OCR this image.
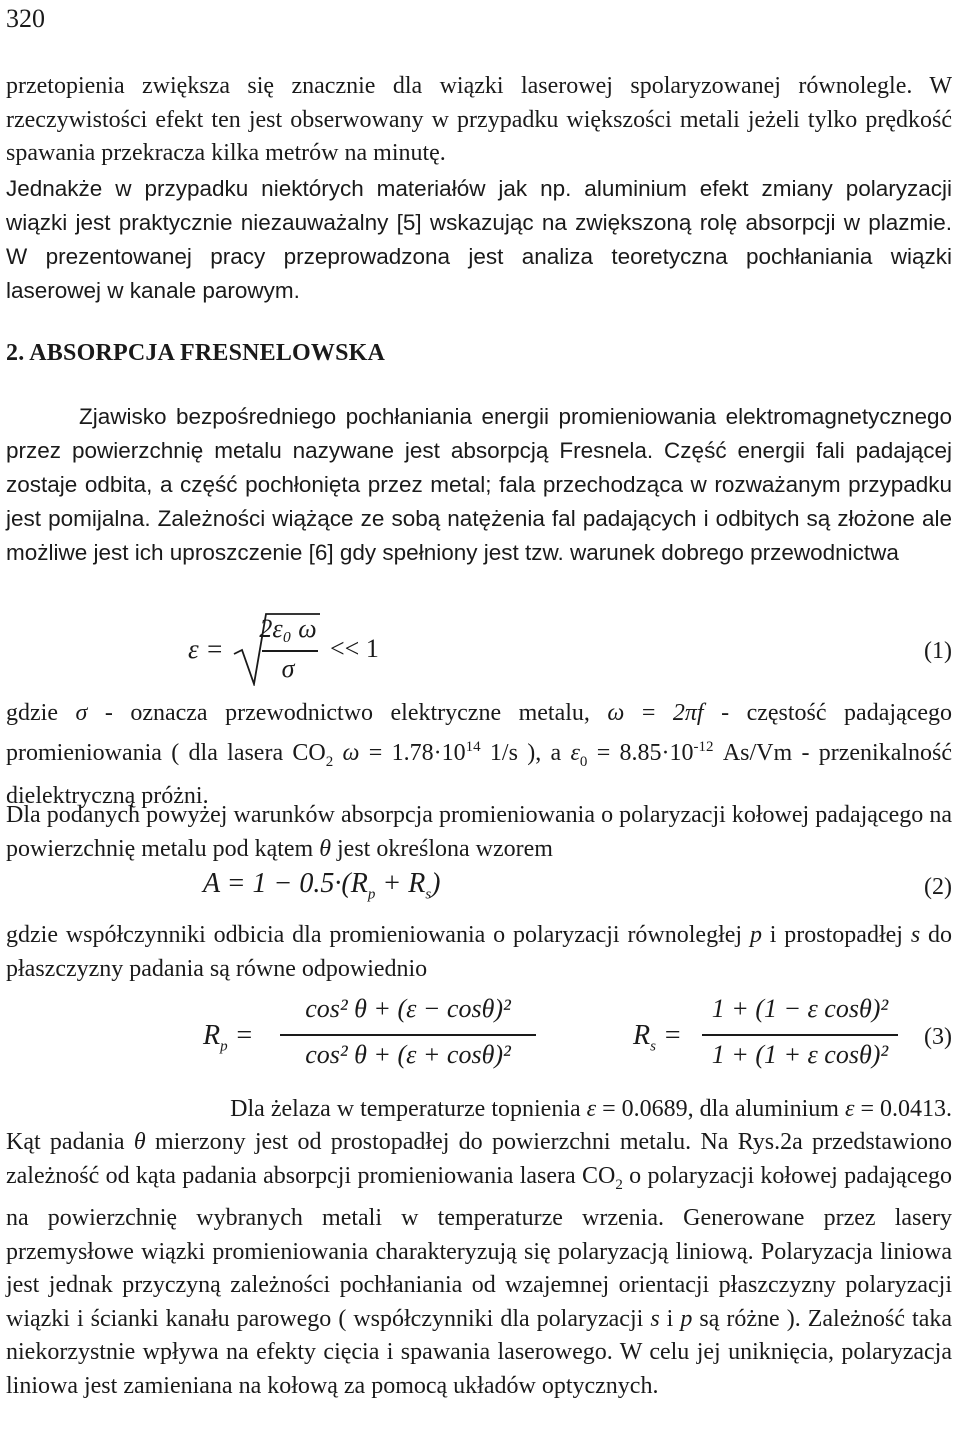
320
przetopienia zwiększa się znacznie dla wiązki laserowej spolaryzowanej równolegle. W rzeczywistości efekt ten jest obserwowany w przypadku większości metali jeżeli tylko prędkość spawania przekracza kilka metrów na minutę.
Jednakże w przypadku niektórych materiałów jak np. aluminium efekt zmiany polaryzacji wiązki jest praktycznie niezauważalny [5] wskazując na zwiększoną rolę absorpcji w plazmie. W prezentowanej pracy przeprowadzona jest analiza teoretyczna pochłaniania wiązki laserowej w kanale parowym.
2. ABSORPCJA FRESNELOWSKA
Zjawisko bezpośredniego pochłaniania energii promieniowania elektromagnetycznego przez powierzchnię metalu nazywane jest absorpcją Fresnela. Część energii fali padającej zostaje odbita, a część pochłonięta przez metal; fala przechodząca w rozważanym przypadku jest pomijalna. Zależności wiążące ze sobą natężenia fal padających i odbitych są złożone ale możliwe jest ich uproszczenie [6] gdy spełniony jest tzw. warunek dobrego przewodnictwa
ε =
2ε₀ ω
σ
<< 1	(1)
gdzie σ - oznacza przewodnictwo elektryczne metalu, ω = 2πf - częstość padającego promieniowania ( dla lasera $CO_2$ $\omega = 1.78\cdot 10^{14}$ 1/s ), a $\varepsilon_0 = 8.85\cdot 10^{-12}$ As/Vm - przenikalność dielektryczną próżni.
Dla podanych powyżej warunków absorpcja promieniowania o polaryzacji kołowej padającego na powierzchnię metalu pod kątem θ jest określona wzorem
$A = 1 - 0.5\cdot(R_p + R_s)$	(2)
gdzie współczynniki odbicia dla promieniowania o polaryzacji równoległej p i prostopadłej s do płaszczyzny padania są równe odpowiednio
$R_p$ =
cos² θ + (ε − cosθ)²
cos² θ + (ε + cosθ)²
$R_s$ =
1 + (1 − ε cosθ)²
1 + (1 + ε cosθ)²
(3)
Dla żelaza w temperaturze topnienia ε = 0.0689, dla aluminium ε = 0.0413.
Kąt padania θ mierzony jest od prostopadłej do powierzchni metalu. Na Rys.2a przedstawiono zależność od kąta padania absorpcji promieniowania lasera $CO_2$ o polaryzacji kołowej padającego na powierzchnię wybranych metali w temperaturze wrzenia. Generowane przez lasery przemysłowe wiązki promieniowania charakteryzują się polaryzacją liniową. Polaryzacja liniowa jest jednak przyczyną zależności pochłaniania od wzajemnej orientacji płaszczyzny polaryzacji wiązki i ścianki kanału parowego ( współczynniki dla polaryzacji s i p są różne ). Zależność taka niekorzystnie wpływa na efekty cięcia i spawania laserowego. W celu jej uniknięcia, polaryzacja liniowa jest zamieniana na kołową za pomocą układów optycznych.
